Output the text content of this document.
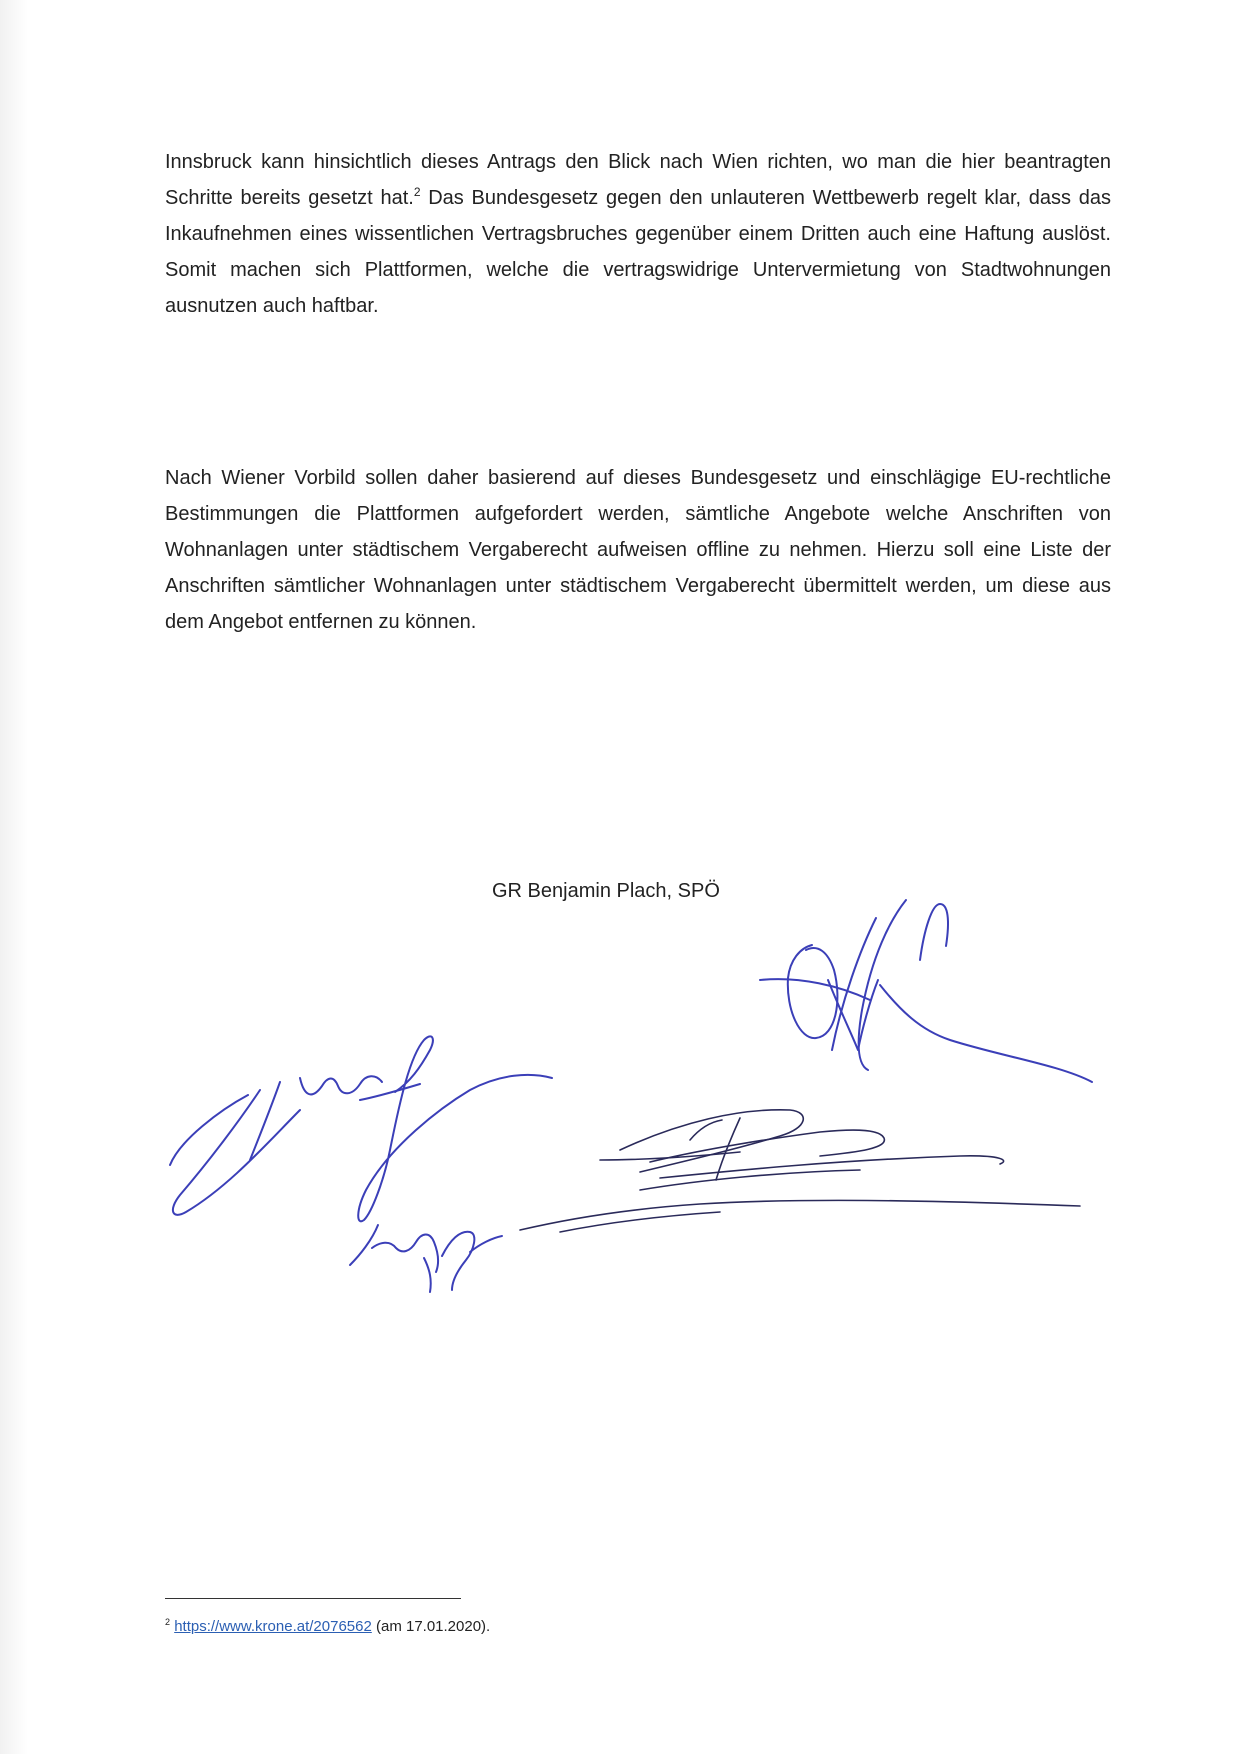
Innsbruck kann hinsichtlich dieses Antrags den Blick nach Wien richten, wo man die hier beantragten Schritte bereits gesetzt hat.$^2$ Das Bundesgesetz gegen den unlauteren Wettbewerb regelt klar, dass das Inkaufnehmen eines wissentlichen Vertragsbruches gegenüber einem Dritten auch eine Haftung auslöst. Somit machen sich Plattformen, welche die vertragswidrige Untervermietung von Stadtwohnungen ausnutzen auch haftbar.

Nach Wiener Vorbild sollen daher basierend auf dieses Bundesgesetz und einschlägige EU-rechtliche Bestimmungen die Plattformen aufgefordert werden, sämtliche Angebote welche Anschriften von Wohnanlagen unter städtischem Vergaberecht aufweisen offline zu nehmen. Hierzu soll eine Liste der Anschriften sämtlicher Wohnanlagen unter städtischem Vergaberecht übermittelt werden, um diese aus dem Angebot entfernen zu können.

GR Benjamin Plach, SPÖ
$^2$ https://www.krone.at/2076562 (am 17.01.2020).
